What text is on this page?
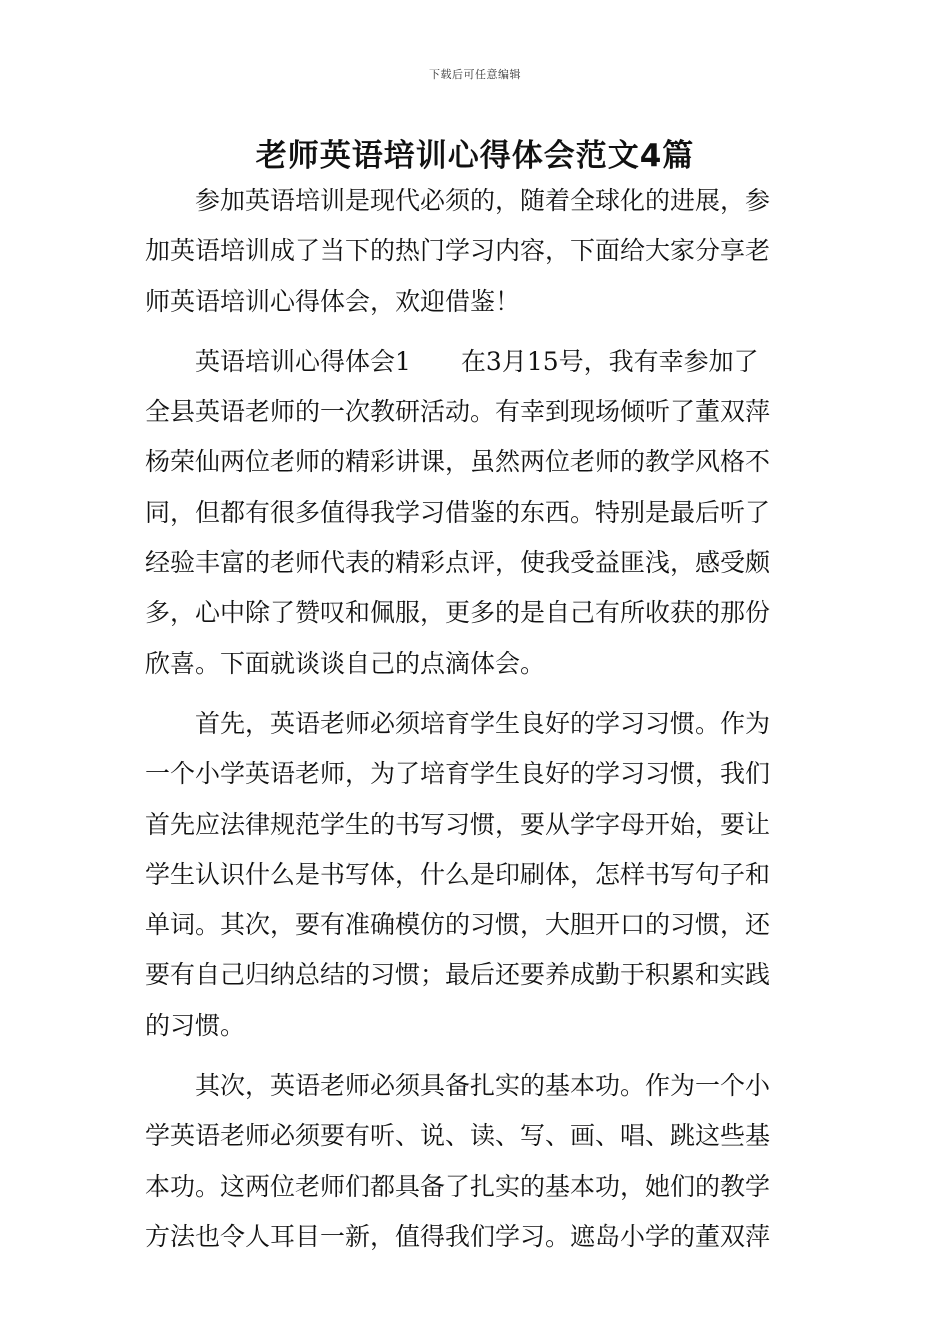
下载后可任意编辑
老师英语培训心得体会范文4篇
　　参加英语培训是现代必须的，随着全球化的进展，参
加英语培训成了当下的热门学习内容，下面给大家分享老
师英语培训心得体会，欢迎借鉴！
　　英语培训心得体会1　　在3月15号，我有幸参加了
全县英语老师的一次教研活动。有幸到现场倾听了董双萍
杨荣仙两位老师的精彩讲课，虽然两位老师的教学风格不
同，但都有很多值得我学习借鉴的东西。特别是最后听了
经验丰富的老师代表的精彩点评，使我受益匪浅，感受颇
多，心中除了赞叹和佩服，更多的是自己有所收获的那份
欣喜。下面就谈谈自己的点滴体会。
　　首先，英语老师必须培育学生良好的学习习惯。作为
一个小学英语老师，为了培育学生良好的学习习惯，我们
首先应法律规范学生的书写习惯，要从学字母开始，要让
学生认识什么是书写体，什么是印刷体，怎样书写句子和
单词。其次，要有准确模仿的习惯，大胆开口的习惯，还
要有自己归纳总结的习惯；最后还要养成勤于积累和实践
的习惯。
　　其次，英语老师必须具备扎实的基本功。作为一个小
学英语老师必须要有听、说、读、写、画、唱、跳这些基
本功。这两位老师们都具备了扎实的基本功，她们的教学
方法也令人耳目一新，值得我们学习。遮岛小学的董双萍
